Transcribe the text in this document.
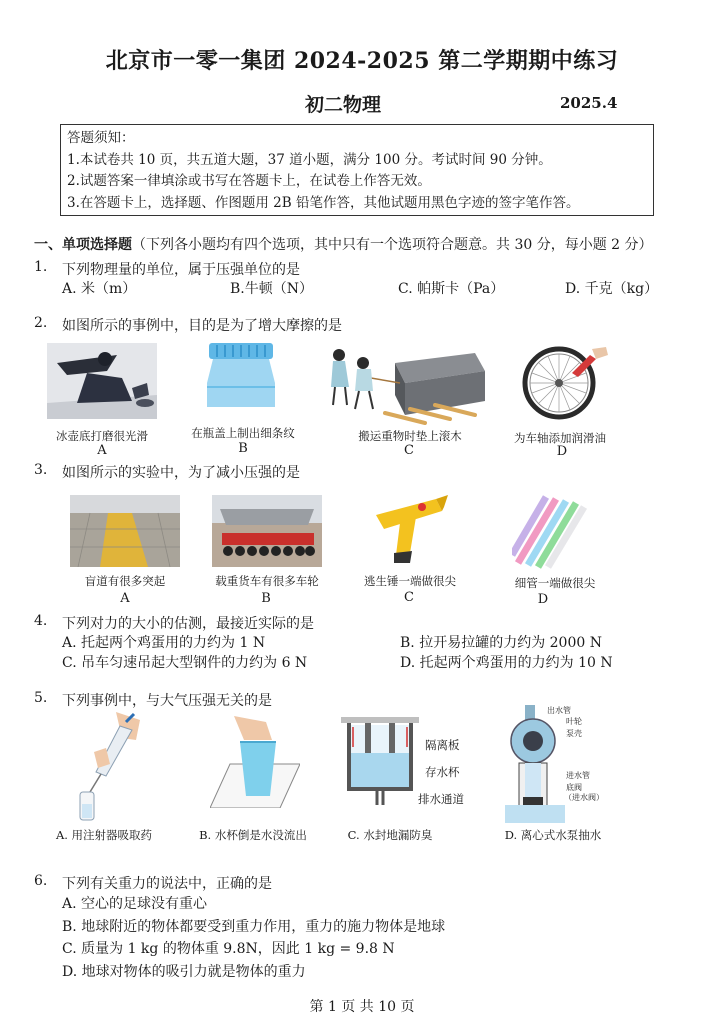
北京市一零一集团 2024-2025 第二学期期中练习
初二物理	2025.4
答题须知：
1.本试卷共 10 页，共五道大题，37 道小题，满分 100 分。考试时间 90 分钟。
2.试题答案一律填涂或书写在答题卡上，在试卷上作答无效。
3.在答题卡上，选择题、作图题用 2B 铅笔作答，其他试题用黑色字迹的签字笔作答。
一、单项选择题（下列各小题均有四个选项，其中只有一个选项符合题意。共 30 分，每小题 2 分）
1. 下列物理量的单位，属于压强单位的是
A. 米（m）	B.牛顿（N）	C. 帕斯卡（Pa）	D. 千克（kg）
2. 如图所示的事例中，目的是为了增大摩擦的是
冰壶底打磨很光滑
A
在瓶盖上制出细条纹
B
搬运重物时垫上滚木
C
为车轴添加润滑油
D
3. 如图所示的实验中，为了减小压强的是
盲道有很多突起
A
载重货车有很多车轮
B
逃生锤一端做很尖
C
细管一端做很尖
D
4. 下列对力的大小的估测，最接近实际的是
A. 托起两个鸡蛋用的力约为 1 N	B. 拉开易拉罐的力约为 2000 N
C. 吊车匀速吊起大型钢件的力约为 6 N	D. 托起两个鸡蛋用的力约为 10 N
5. 下列事例中，与大气压强无关的是
A. 用注射器吸取药	B. 水杯倒是水没流出
隔离板
存水杯
排水通道
C. 水封地漏防臭
出水管
叶轮
泵壳
进水管
底阀
（进水阀）
D. 离心式水泵抽水
6. 下列有关重力的说法中，正确的是
A. 空心的足球没有重心
B. 地球附近的物体都要受到重力作用，重力的施力物体是地球
C. 质量为 1 kg 的物体重 9.8N，因此 1 kg = 9.8 N
D. 地球对物体的吸引力就是物体的重力
第 1 页 共 10 页
